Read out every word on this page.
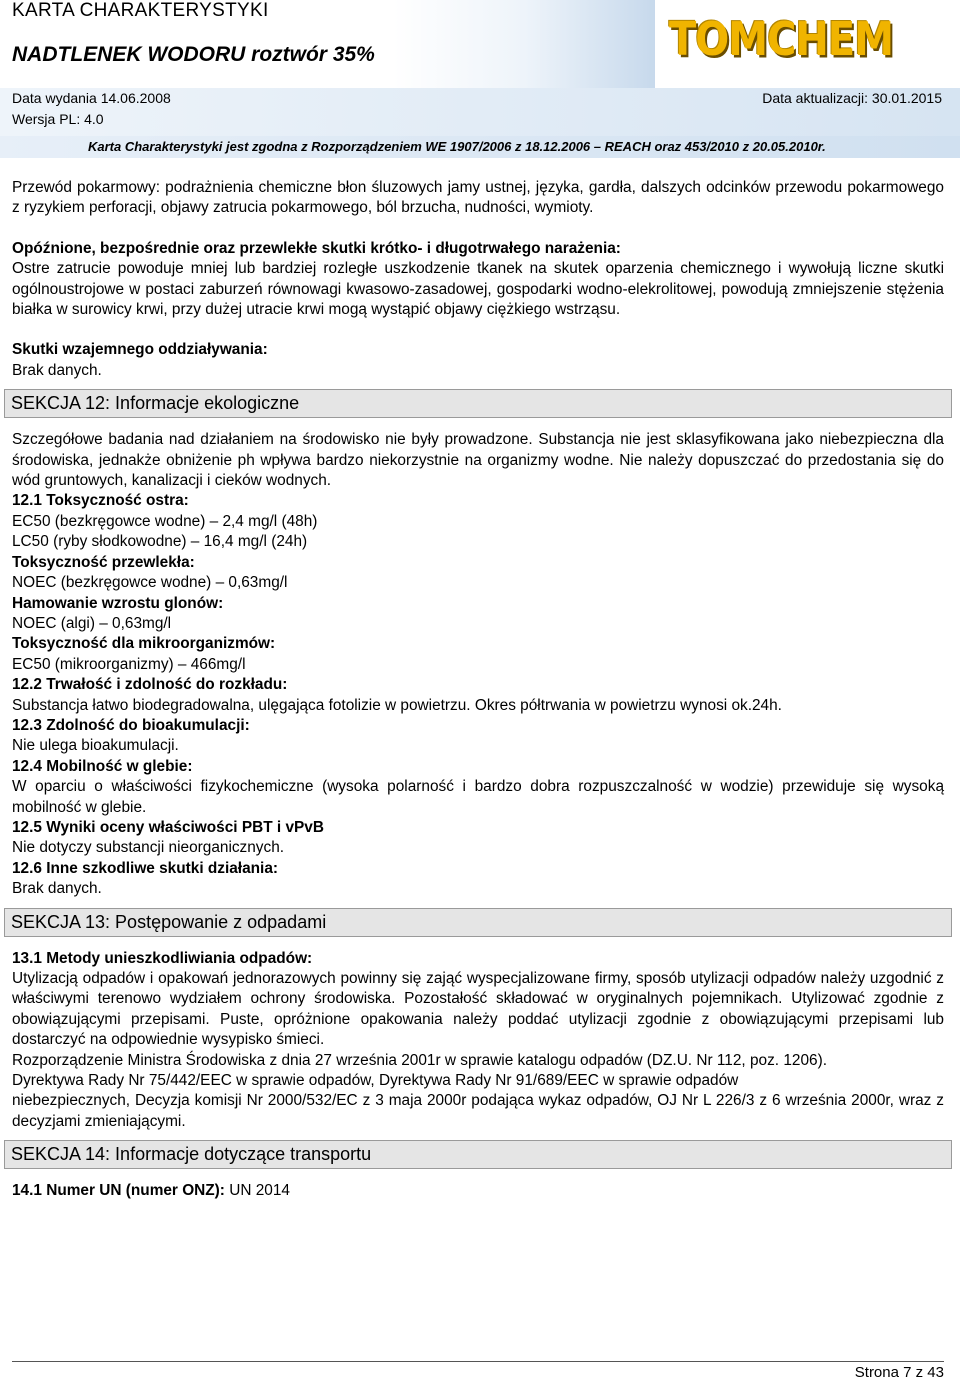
KARTA CHARAKTERYSTYKI
NADTLENEK WODORU roztwór 35%	TOMCHEM
Data wydania 14.06.2008	Data aktualizacji: 30.01.2015
Wersja PL: 4.0
Karta Charakterystyki jest zgodna z Rozporządzeniem WE 1907/2006 z 18.12.2006 – REACH oraz 453/2010 z 20.05.2010r.

Przewód pokarmowy: podrażnienia chemiczne błon śluzowych jamy ustnej, języka, gardła, dalszych odcinków przewodu pokarmowego z ryzykiem perforacji, objawy zatrucia pokarmowego, ból brzucha, nudności, wymioty.

Opóźnione, bezpośrednie oraz przewlekłe skutki krótko- i długotrwałego narażenia:

Ostre zatrucie powoduje mniej lub bardziej rozległe uszkodzenie tkanek na skutek oparzenia chemicznego i wywołują liczne skutki ogólnoustrojowe w postaci zaburzeń równowagi kwasowo-zasadowej, gospodarki wodno-elekrolitowej, powodują zmniejszenie stężenia białka w surowicy krwi, przy dużej utracie krwi mogą wystąpić objawy ciężkiego wstrząsu.

Skutki wzajemnego oddziaływania:

Brak danych.

SEKCJA 12: Informacje ekologiczne

Szczegółowe badania nad działaniem na środowisko nie były prowadzone. Substancja nie jest sklasyfikowana jako niebezpieczna dla środowiska, jednakże obniżenie ph wpływa bardzo niekorzystnie na organizmy wodne. Nie należy dopuszczać do przedostania się do wód gruntowych, kanalizacji i cieków wodnych.

12.1 Toksyczność ostra:

EC50 (bezkręgowce wodne) – 2,4 mg/l (48h)

LC50 (ryby słodkowodne) – 16,4 mg/l (24h)

Toksyczność przewlekła:

NOEC (bezkręgowce wodne) – 0,63mg/l

Hamowanie wzrostu glonów:

NOEC (algi) – 0,63mg/l

Toksyczność dla mikroorganizmów:

EC50 (mikroorganizmy) – 466mg/l

12.2 Trwałość i zdolność do rozkładu:

Substancja łatwo biodegradowalna, ulęgająca fotolizie w powietrzu. Okres półtrwania w powietrzu wynosi ok.24h.

12.3 Zdolność do bioakumulacji:

Nie ulega bioakumulacji.

12.4 Mobilność w glebie:

W oparciu o właściwości fizykochemiczne (wysoka polarność i bardzo dobra rozpuszczalność w wodzie) przewiduje się wysoką mobilność w glebie.

12.5 Wyniki oceny właściwości PBT i vPvB

Nie dotyczy substancji nieorganicznych.

12.6 Inne szkodliwe skutki działania:

Brak danych.

SEKCJA 13: Postępowanie z odpadami

13.1 Metody unieszkodliwiania odpadów:

Utylizacją odpadów i opakowań jednorazowych powinny się zająć wyspecjalizowane firmy, sposób utylizacji odpadów należy uzgodnić z właściwymi terenowo wydziałem ochrony środowiska. Pozostałość składować w oryginalnych pojemnikach. Utylizować zgodnie z obowiązującymi przepisami. Puste, opróżnione opakowania należy poddać utylizacji zgodnie z obowiązującymi przepisami lub dostarczyć na odpowiednie wysypisko śmieci.

Rozporządzenie Ministra Środowiska z dnia 27 września 2001r w sprawie katalogu odpadów (DZ.U. Nr 112, poz. 1206).

Dyrektywa Rady Nr 75/442/EEC w sprawie odpadów, Dyrektywa Rady Nr 91/689/EEC w sprawie odpadów

niebezpiecznych, Decyzja komisji Nr 2000/532/EC z 3 maja 2000r podająca wykaz odpadów, OJ Nr L 226/3 z 6 września 2000r, wraz z decyzjami zmieniającymi.

SEKCJA 14: Informacje dotyczące transportu

14.1 Numer UN (numer ONZ): UN 2014

Strona 7 z 43
